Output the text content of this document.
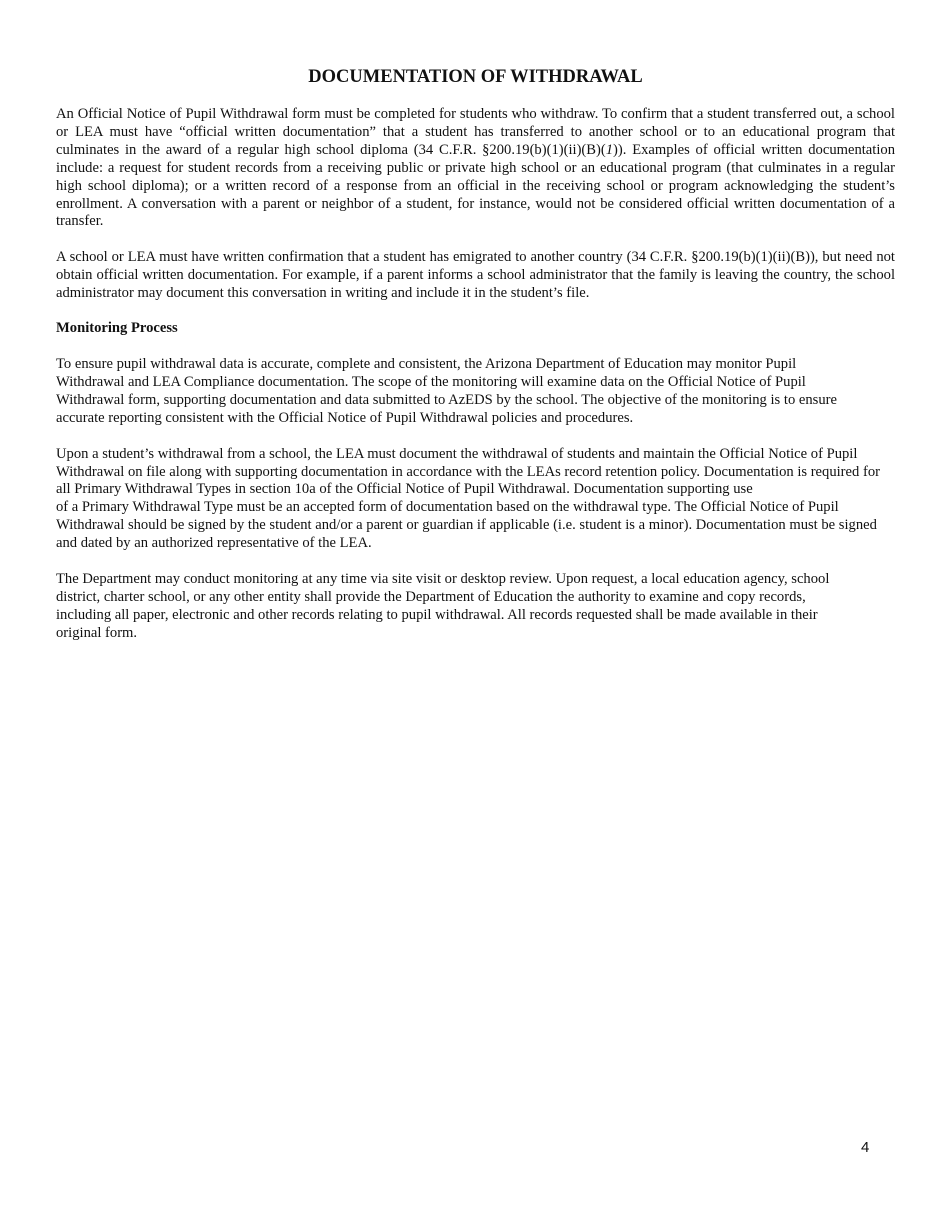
DOCUMENTATION OF WITHDRAWAL

An Official Notice of Pupil Withdrawal form must be completed for students who withdraw. To confirm that a student transferred out, a school or LEA must have “official written documentation” that a student has transferred to another school or to an educational program that culminates in the award of a regular high school diploma (34 C.F.R. §200.19(b)(1)(ii)(B)(1)). Examples of official written documentation include: a request for student records from a receiving public or private high school or an educational program (that culminates in a regular high school diploma); or a written record of a response from an official in the receiving school or program acknowledging the student’s enrollment. A conversation with a parent or neighbor of a student, for instance, would not be considered official written documentation of a transfer.

A school or LEA must have written confirmation that a student has emigrated to another country (34 C.F.R. §200.19(b)(1)(ii)(B)), but need not obtain official written documentation. For example, if a parent informs a school administrator that the family is leaving the country, the school administrator may document this conversation in writing and include it in the student’s file.

Monitoring Process

To ensure pupil withdrawal data is accurate, complete and consistent, the Arizona Department of Education may monitor Pupil Withdrawal and LEA Compliance documentation. The scope of the monitoring will examine data on the Official Notice of Pupil Withdrawal form, supporting documentation and data submitted to AzEDS by the school. The objective of the monitoring is to ensure accurate reporting consistent with the Official Notice of Pupil Withdrawal policies and procedures.

Upon a student’s withdrawal from a school, the LEA must document the withdrawal of students and maintain the Official Notice of Pupil Withdrawal on file along with supporting documentation in accordance with the LEAs record retention policy. Documentation is required for all Primary Withdrawal Types in section 10a of the Official Notice of Pupil Withdrawal. Documentation supporting use

of a Primary Withdrawal Type must be an accepted form of documentation based on the withdrawal type. The Official Notice of Pupil Withdrawal should be signed by the student and/or a parent or guardian if applicable (i.e. student is a minor). Documentation must be signed and dated by an authorized representative of the LEA.

The Department may conduct monitoring at any time via site visit or desktop review. Upon request, a local education agency, school district, charter school, or any other entity shall provide the Department of Education the authority to examine and copy records, including all paper, electronic and other records relating to pupil withdrawal. All records requested shall be made available in their original form.

4
